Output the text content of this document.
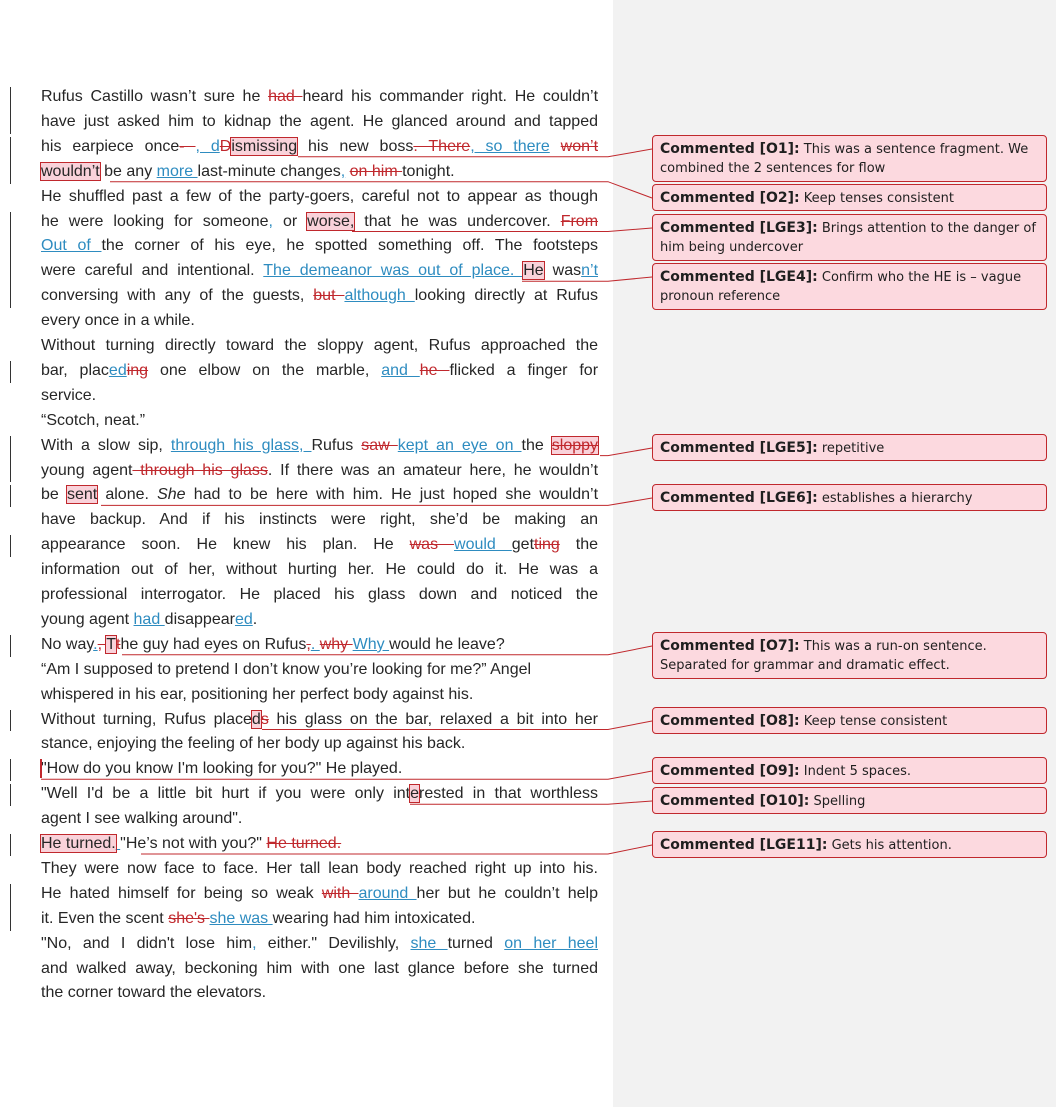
Rufus Castillo wasn’t sure he had heard his commander right. He couldn’t
have just asked him to kidnap the agent. He glanced around and tapped
his earpiece once- , dDismissing his new boss. There, so there won’t
wouldn’t be any more last-minute changes, on him tonight.
He shuffled past a few of the party-goers, careful not to appear as though
he were looking for someone, or worse, that he was undercover. From
Out of the corner of his eye, he spotted something off. The footsteps
were careful and intentional. The demeanor was out of place. He wasn’t
conversing with any of the guests, but although looking directly at Rufus
every once in a while.
Without turning directly toward the sloppy agent, Rufus approached the
bar, placeding one elbow on the marble, and he flicked a finger for
service.
“Scotch, neat.”
With a slow sip, through his glass, Rufus saw kept an eye on the sloppy
young agent through his glass. If there was an amateur here, he wouldn’t
be sent alone. She had to be here with him. He just hoped she wouldn’t
have backup. And if his instincts were right, she’d be making an
appearance soon. He knew his plan. He was would getting the
information out of her, without hurting her. He could do it. He was a
professional interrogator. He placed his glass down and noticed the
young agent had disappeared.
No way., Tthe guy had eyes on Rufus,. why Why would he leave?
“Am I supposed to pretend I don’t know you’re looking for me?” Angel
whispered in his ear, positioning her perfect body against his.
Without turning, Rufus placeds his glass on the bar, relaxed a bit into her
stance, enjoying the feeling of her body up against his back.
"How do you know I'm looking for you?" He played.
"Well I'd be a little bit hurt if you were only interested in that worthless
agent I see walking around".
He turned. "He’s not with you?" He turned.
They were now face to face. Her tall lean body reached right up into his.
He hated himself for being so weak with around her but he couldn’t help
it. Even the scent she's she was wearing had him intoxicated.
"No, and I didn't lose him, either." Devilishly, she turned on her heel
and walked away, beckoning him with one last glance before she turned
the corner toward the elevators.
Commented [O1]: This was a sentence fragment. We combined the 2 sentences for flow
Commented [O2]: Keep tenses consistent
Commented [LGE3]: Brings attention to the danger of him being undercover
Commented [LGE4]: Confirm who the HE is – vague pronoun reference
Commented [LGE5]: repetitive
Commented [LGE6]: establishes a hierarchy
Commented [O7]: This was a run-on sentence. Separated for grammar and dramatic effect.
Commented [O8]: Keep tense consistent
Commented [O9]: Indent 5 spaces.
Commented [O10]: Spelling
Commented [LGE11]: Gets his attention.
